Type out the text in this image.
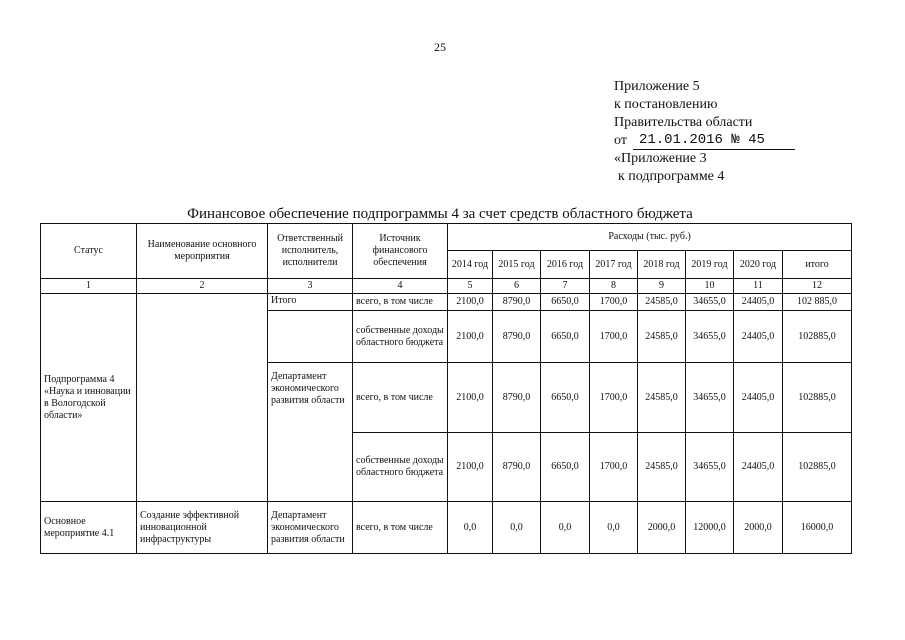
25
Приложение 5
к постановлению
Правительства области
от 21.01.2016 № 45
«Приложение 3
к подпрограмме 4
Финансовое обеспечение подпрограммы 4 за счет средств областного бюджета
Статус	Наименование основного мероприятия	Ответственный исполнитель, исполнители	Источник финансового обеспечения	Расходы (тыс. руб.)							
				2014 год	2015 год	2016 год	2017 год	2018 год	2019 год	2020 год	итого
1	2	3	4	5	6	7	8	9	10	11	12
Подпрограмма 4 «Наука и инновации в Вологодской области»		Итого	всего, в том числе	2100,0	8790,0	6650,0	1700,0	24585,0	34655,0	24405,0	102 885,0
			собственные доходы областного бюджета	2100,0	8790,0	6650,0	1700,0	24585,0	34655,0	24405,0	102885,0
		Департамент экономического развития области	всего, в том числе	2100,0	8790,0	6650,0	1700,0	24585,0	34655,0	24405,0	102885,0
			собственные доходы областного бюджета	2100,0	8790,0	6650,0	1700,0	24585,0	34655,0	24405,0	102885,0
Основное мероприятие 4.1	Создание эффективной инновационной инфраструктуры	Департамент экономического развития области	всего, в том числе	0,0	0,0	0,0	0,0	2000,0	12000,0	2000,0	16000,0
